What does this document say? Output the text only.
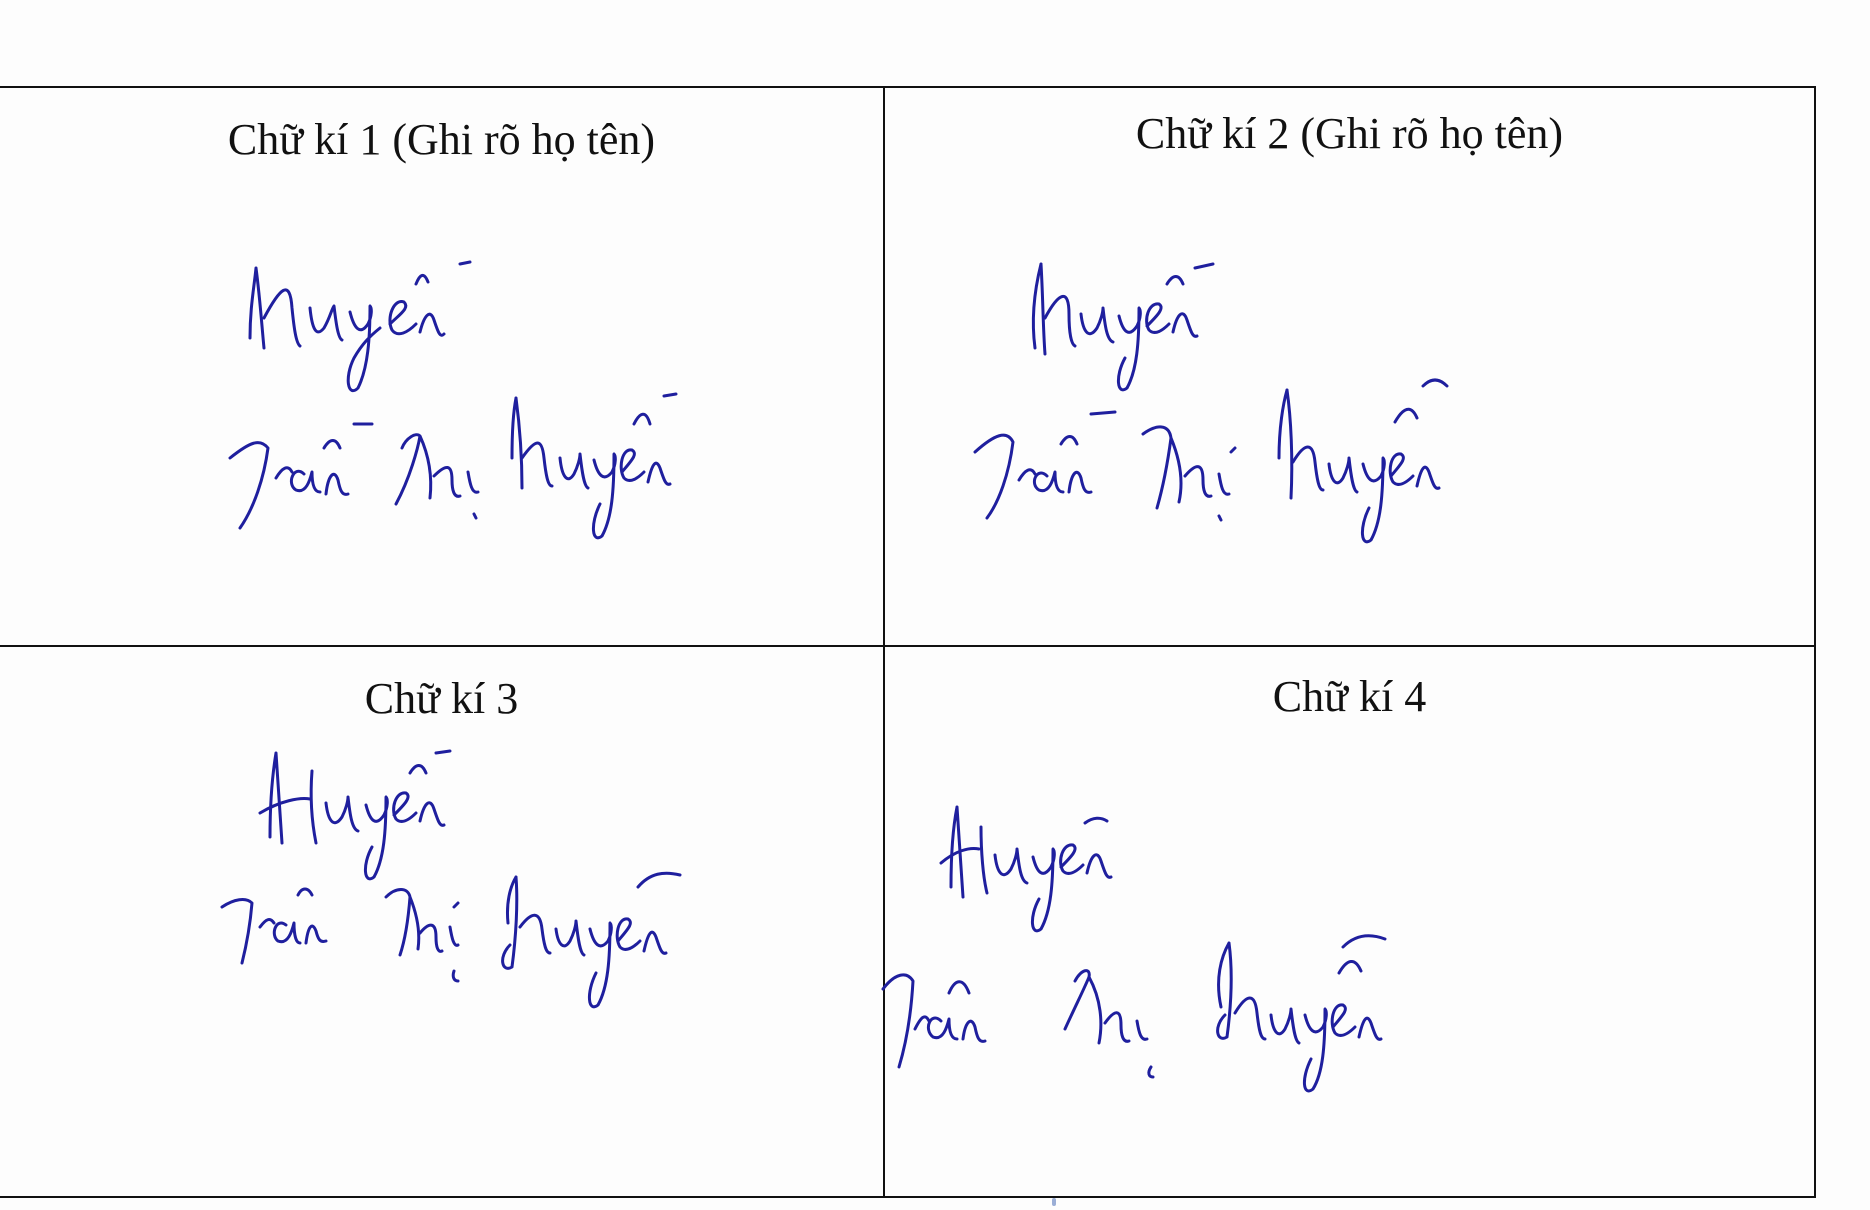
Chữ kí 1 (Ghi rõ họ tên)	Chữ kí 2 (Ghi rõ họ tên)
Chữ kí 3	Chữ kí 4
